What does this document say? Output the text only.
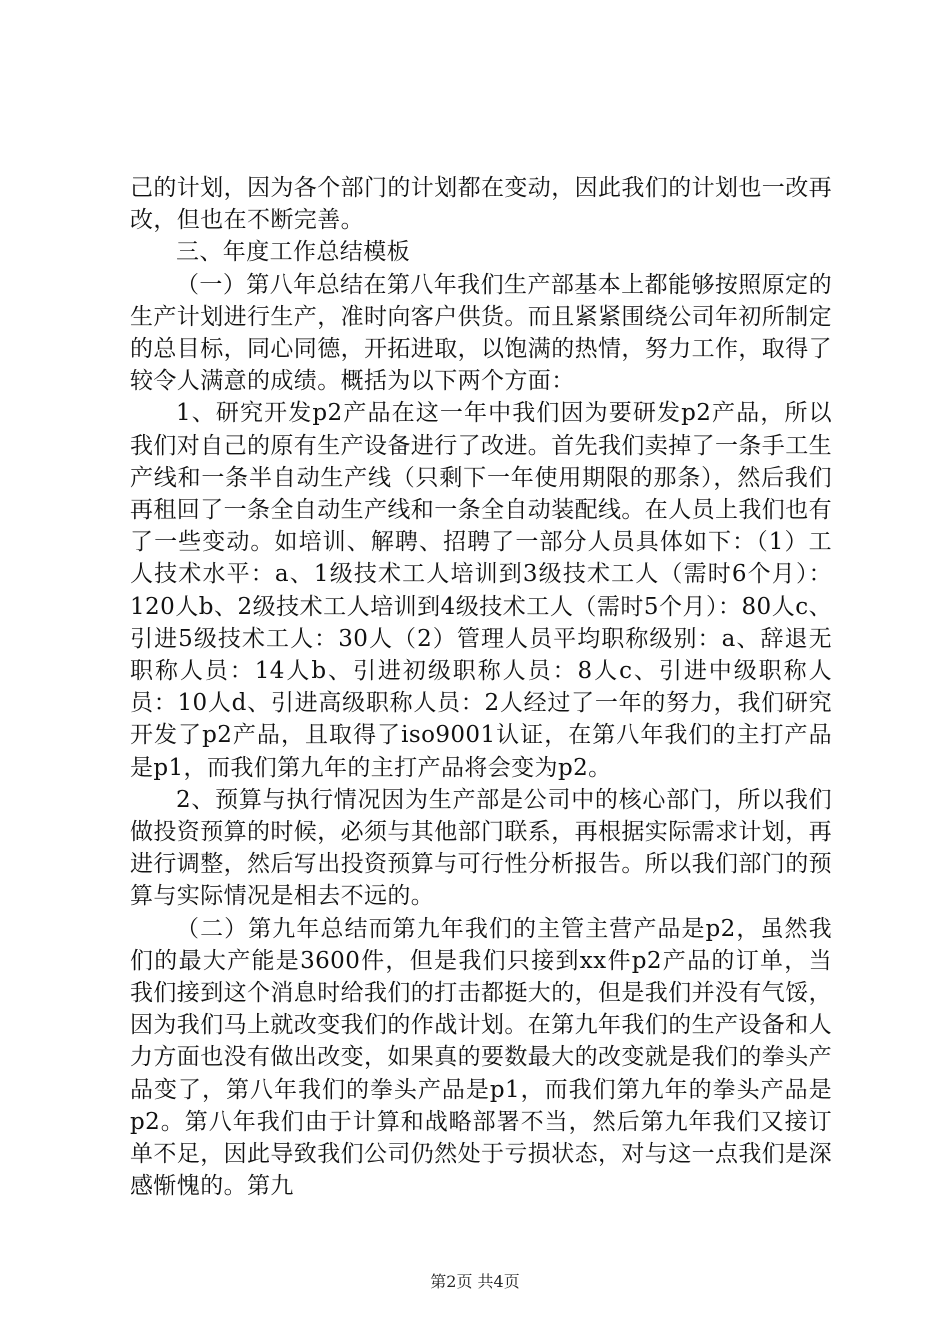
己的计划，因为各个部门的计划都在变动，因此我们的计划也一改再改，但也在不断完善。

三、年度工作总结模板

（一）第八年总结在第八年我们生产部基本上都能够按照原定的生产计划进行生产，准时向客户供货。而且紧紧围绕公司年初所制定的总目标，同心同德，开拓进取，以饱满的热情，努力工作，取得了较令人满意的成绩。概括为以下两个方面：

1、研究开发p2产品在这一年中我们因为要研发p2产品，所以我们对自己的原有生产设备进行了改进。首先我们卖掉了一条手工生产线和一条半自动生产线（只剩下一年使用期限的那条），然后我们再租回了一条全自动生产线和一条全自动装配线。在人员上我们也有了一些变动。如培训、解聘、招聘了一部分人员具体如下：（1）工人技术水平：a、1级技术工人培训到3级技术工人（需时6个月）：120人b、2级技术工人培训到4级技术工人（需时5个月）：80人c、引进5级技术工人：30人（2）管理人员平均职称级别：a、辞退无职称人员：14人b、引进初级职称人员：8人c、引进中级职称人员：10人d、引进高级职称人员：2人经过了一年的努力，我们研究开发了p2产品，且取得了iso9001认证，在第八年我们的主打产品是p1，而我们第九年的主打产品将会变为p2。

2、预算与执行情况因为生产部是公司中的核心部门，所以我们做投资预算的时候，必须与其他部门联系，再根据实际需求计划，再进行调整，然后写出投资预算与可行性分析报告。所以我们部门的预算与实际情况是相去不远的。

（二）第九年总结而第九年我们的主管主营产品是p2，虽然我们的最大产能是3600件，但是我们只接到xx件p2产品的订单，当我们接到这个消息时给我们的打击都挺大的，但是我们并没有气馁，因为我们马上就改变我们的作战计划。在第九年我们的生产设备和人力方面也没有做出改变，如果真的要数最大的改变就是我们的拳头产品变了，第八年我们的拳头产品是p1，而我们第九年的拳头产品是p2。第八年我们由于计算和战略部署不当，然后第九年我们又接订单不足，因此导致我们公司仍然处于亏损状态，对与这一点我们是深感惭愧的。第九

第2页 共4页
